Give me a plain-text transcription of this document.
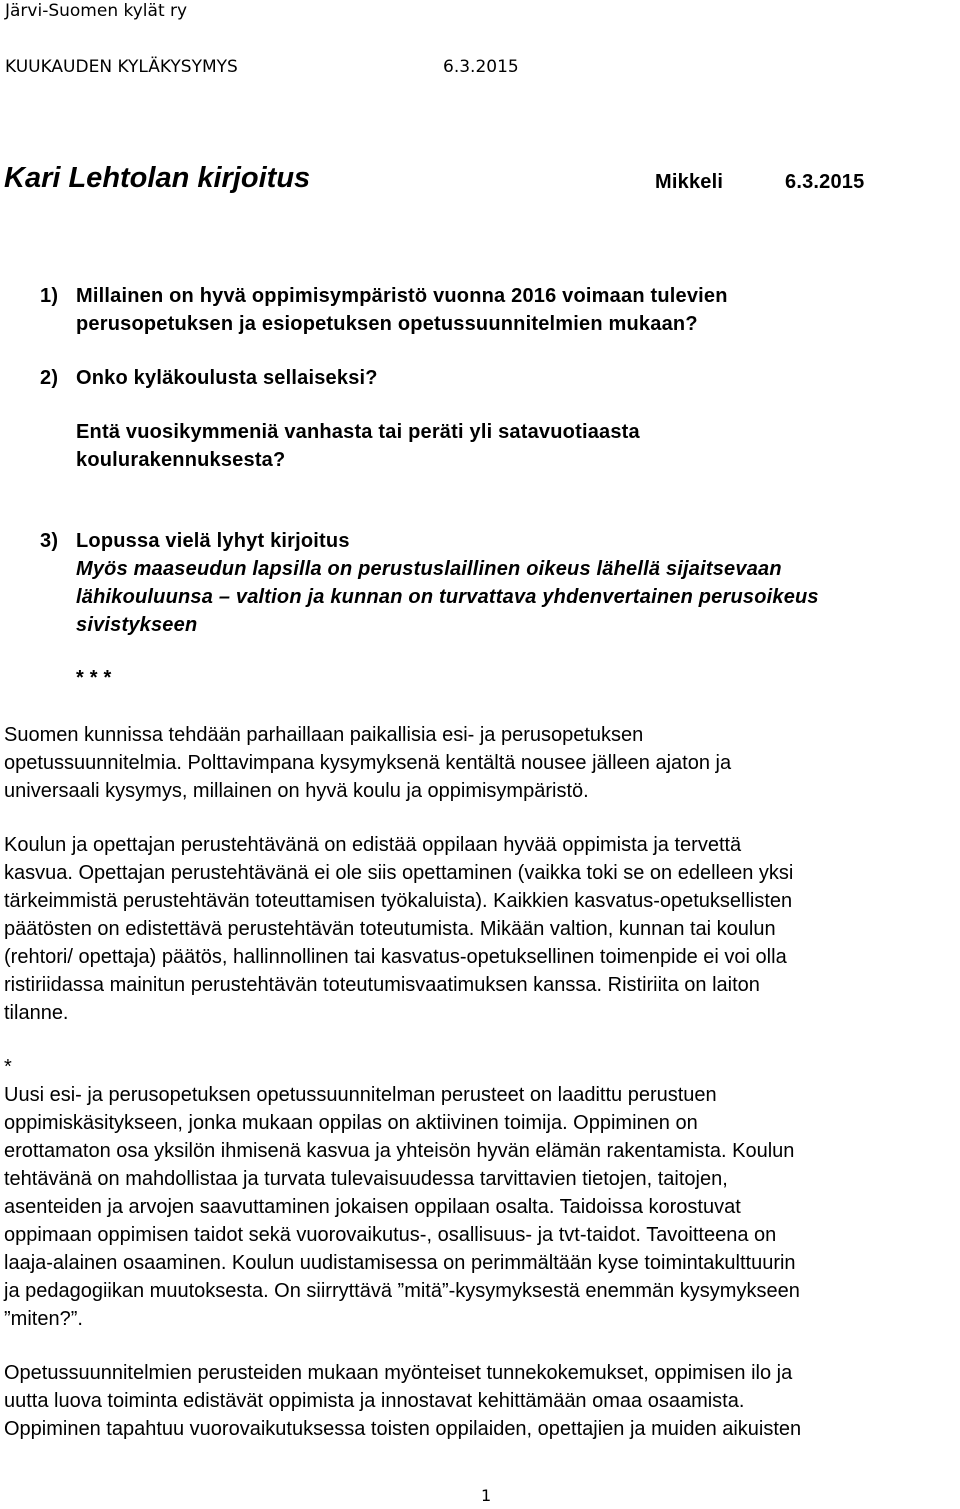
Järvi-Suomen kylät ry
KUUKAUDEN KYLÄKYSYMYS	6.3.2015
Kari Lehtolan kirjoitus	Mikkeli	6.3.2015
1) Millainen on hyvä oppimisympäristö vuonna 2016 voimaan tulevien
perusopetuksen ja esiopetuksen opetussuunnitelmien mukaan?
2) Onko kyläkoulusta sellaiseksi?
Entä vuosikymmeniä vanhasta tai peräti yli satavuotiaasta
koulurakennuksesta?
3) Lopussa vielä lyhyt kirjoitus
Myös maaseudun lapsilla on perustuslaillinen oikeus lähellä sijaitsevaan
lähikouluunsa – valtion ja kunnan on turvattava yhdenvertainen perusoikeus
sivistykseen
* * *
Suomen kunnissa tehdään parhaillaan paikallisia esi- ja perusopetuksen
opetussuunnitelmia. Polttavimpana kysymyksenä kentältä nousee jälleen ajaton ja
universaali kysymys, millainen on hyvä koulu ja oppimisympäristö.
Koulun ja opettajan perustehtävänä on edistää oppilaan hyvää oppimista ja tervettä
kasvua. Opettajan perustehtävänä ei ole siis opettaminen (vaikka toki se on edelleen yksi
tärkeimmistä perustehtävän toteuttamisen työkaluista). Kaikkien kasvatus-opetuksellisten
päätösten on edistettävä perustehtävän toteutumista. Mikään valtion, kunnan tai koulun
(rehtori/ opettaja) päätös, hallinnollinen tai kasvatus-opetuksellinen toimenpide ei voi olla
ristiriidassa mainitun perustehtävän toteutumisvaatimuksen kanssa. Ristiriita on laiton
tilanne.
*
Uusi esi- ja perusopetuksen opetussuunnitelman perusteet on laadittu perustuen
oppimiskäsitykseen, jonka mukaan oppilas on aktiivinen toimija. Oppiminen on
erottamaton osa yksilön ihmisenä kasvua ja yhteisön hyvän elämän rakentamista. Koulun
tehtävänä on mahdollistaa ja turvata tulevaisuudessa tarvittavien tietojen, taitojen,
asenteiden ja arvojen saavuttaminen jokaisen oppilaan osalta. Taidoissa korostuvat
oppimaan oppimisen taidot sekä vuorovaikutus-, osallisuus- ja tvt-taidot. Tavoitteena on
laaja-alainen osaaminen. Koulun uudistamisessa on perimmältään kyse toimintakulttuurin
ja pedagogiikan muutoksesta. On siirryttävä ”mitä”-kysymyksestä enemmän kysymykseen
”miten?”.
Opetussuunnitelmien perusteiden mukaan myönteiset tunnekokemukset, oppimisen ilo ja
uutta luova toiminta edistävät oppimista ja innostavat kehittämään omaa osaamista.
Oppiminen tapahtuu vuorovaikutuksessa toisten oppilaiden, opettajien ja muiden aikuisten
1
